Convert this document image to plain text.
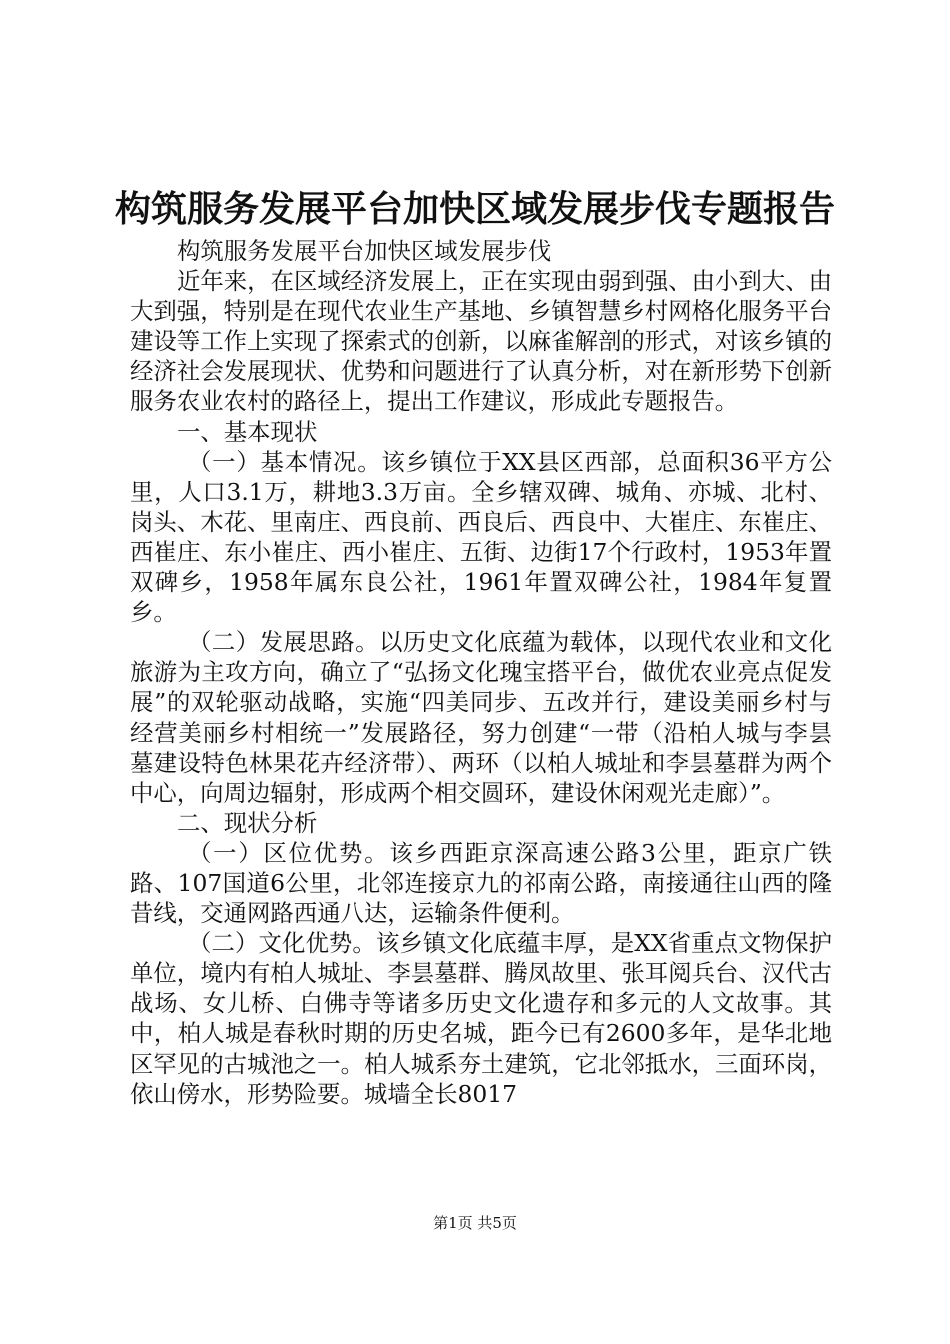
构筑服务发展平台加快区域发展步伐专题报告

构筑服务发展平台加快区域发展步伐

近年来，在区域经济发展上，正在实现由弱到强、由小到大、由大到强，特别是在现代农业生产基地、乡镇智慧乡村网格化服务平台建设等工作上实现了探索式的创新，以麻雀解剖的形式，对该乡镇的经济社会发展现状、优势和问题进行了认真分析，对在新形势下创新服务农业农村的路径上，提出工作建议，形成此专题报告。

一、基本现状

（一）基本情况。该乡镇位于XX县区西部，总面积36平方公里，人口3.1万，耕地3.3万亩。全乡辖双碑、城角、亦城、北村、岗头、木花、里南庄、西良前、西良后、西良中、大崔庄、东崔庄、西崔庄、东小崔庄、西小崔庄、五街、边街17个行政村，1953年置双碑乡，1958年属东良公社，1961年置双碑公社，1984年复置乡。

（二）发展思路。以历史文化底蕴为载体，以现代农业和文化旅游为主攻方向，确立了“弘扬文化瑰宝搭平台，做优农业亮点促发展”的双轮驱动战略，实施“四美同步、五改并行，建设美丽乡村与经营美丽乡村相统一”发展路径，努力创建“一带（沿柏人城与李昙墓建设特色林果花卉经济带）、两环（以柏人城址和李昙墓群为两个中心，向周边辐射，形成两个相交圆环，建设休闲观光走廊）”。

二、现状分析

（一）区位优势。该乡西距京深高速公路3公里，距京广铁路、107国道6公里，北邻连接京九的祁南公路，南接通往山西的隆昔线，交通网路西通八达，运输条件便利。

（二）文化优势。该乡镇文化底蕴丰厚，是XX省重点文物保护单位，境内有柏人城址、李昙墓群、腾凤故里、张耳阅兵台、汉代古战场、女儿桥、白佛寺等诸多历史文化遗存和多元的人文故事。其中，柏人城是春秋时期的历史名城，距今已有2600多年，是华北地区罕见的古城池之一。柏人城系夯土建筑，它北邻抵水，三面环岗，依山傍水，形势险要。城墙全长8017

第1页 共5页
